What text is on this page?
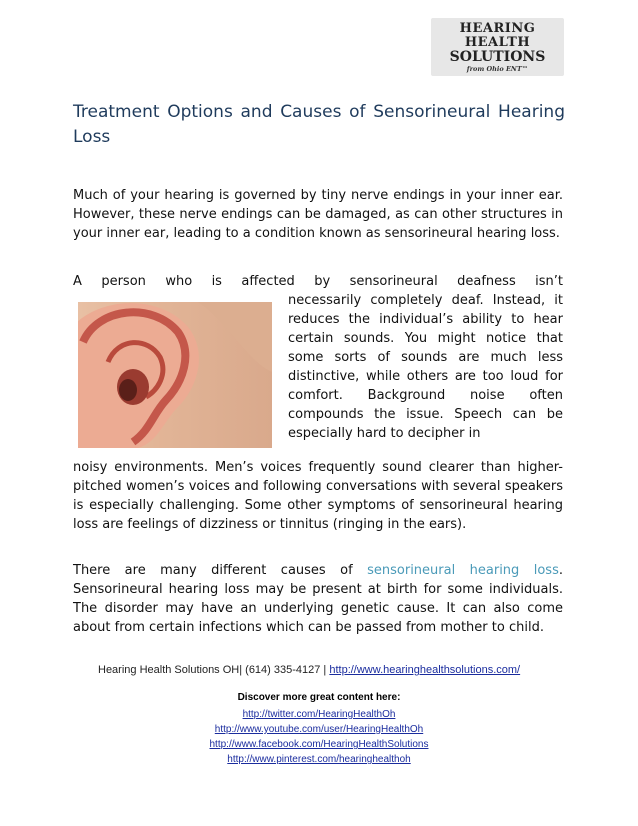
HEARING
HEALTH
SOLUTIONS
from Ohio ENT™
Treatment Options and Causes of Sensorineural Hearing Loss

Much of your hearing is governed by tiny nerve endings in your inner ear. However, these nerve endings can be damaged, as can other structures in your inner ear, leading to a condition known as sensorineural hearing loss.

A person who is affected by sensorineural deafness isn’t

necessarily completely deaf. Instead, it reduces the individual’s ability to hear certain sounds. You might notice that some sorts of sounds are much less distinctive, while others are too loud for comfort. Background noise often compounds the issue. Speech can be especially hard to decipher in

noisy environments. Men’s voices frequently sound clearer than higher-pitched women’s voices and following conversations with several speakers is especially challenging. Some other symptoms of sensorineural hearing loss are feelings of dizziness or tinnitus (ringing in the ears).

There are many different causes of sensorineural hearing loss. Sensorineural hearing loss may be present at birth for some individuals. The disorder may have an underlying genetic cause. It can also come about from certain infections which can be passed from mother to child.

Hearing Health Solutions OH| (614) 335-4127 | http://www.hearinghealthsolutions.com/
Discover more great content here:
http://twitter.com/HearingHealthOh
http://www.youtube.com/user/HearingHealthOh
http://www.facebook.com/HearingHealthSolutions
http://www.pinterest.com/hearinghealthoh
